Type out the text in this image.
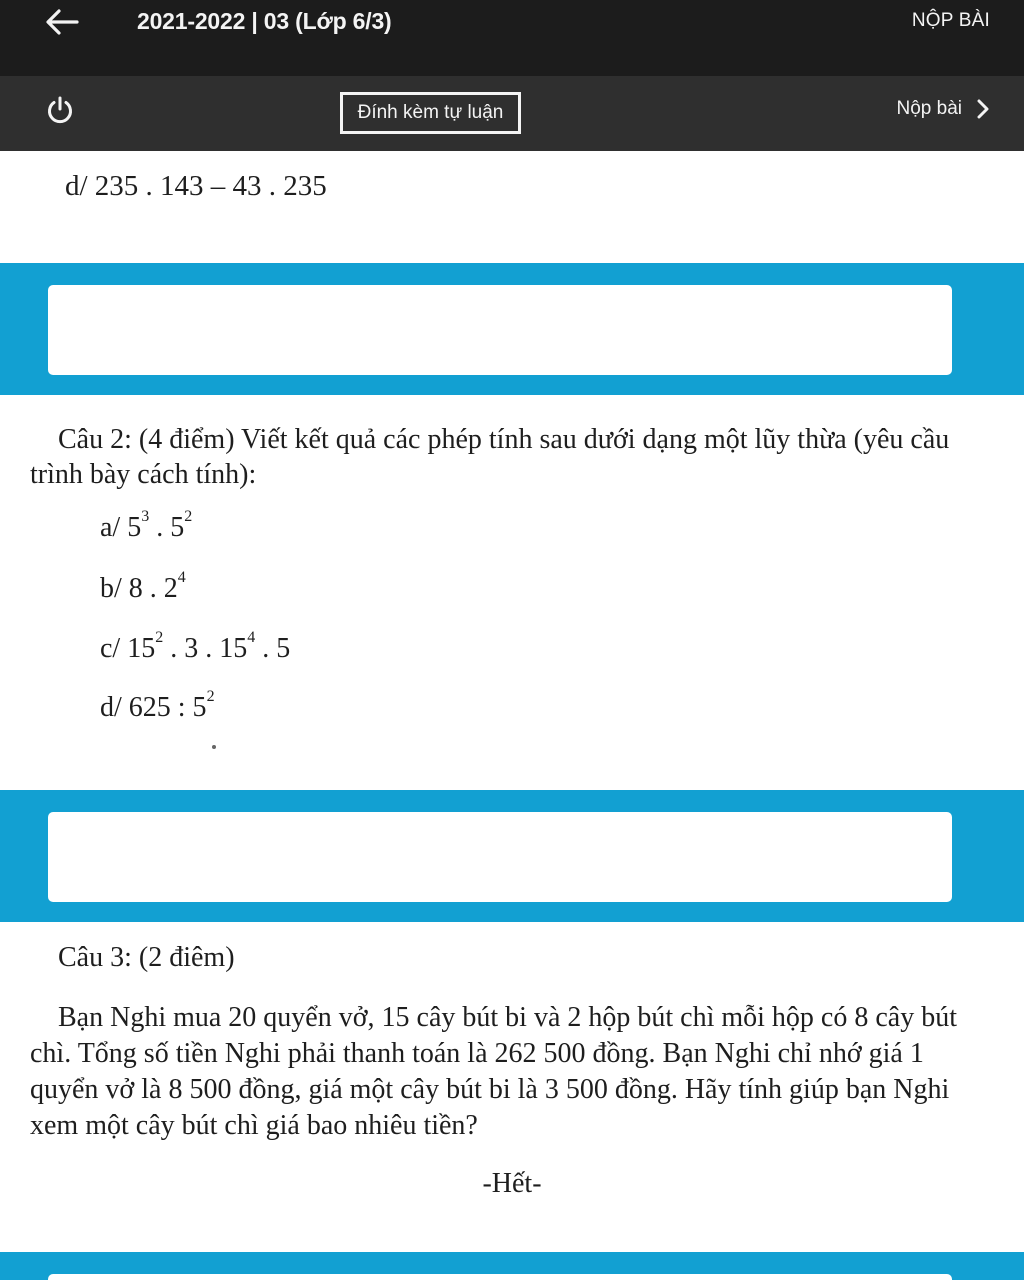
2021-2022 | 03 (Lớp 6/3)	NỘP BÀI
Đính kèm tự luận	Nộp bài
d/ 235 . 143 – 43 . 235
Câu 2: (4 điểm) Viết kết quả các phép tính sau dưới dạng một lũy thừa (yêu cầu trình bày cách tính):
a/ $5^3$ . $5^2$
b/ 8 . $2^4$
c/ $15^2$ . 3 . $15^4$ . 5
d/ 625 : $5^2$
Câu 3: (2 điêm)
Bạn Nghi mua 20 quyển vở, 15 cây bút bi và 2 hộp bút chì mỗi hộp có 8 cây bút chì. Tổng số tiền Nghi phải thanh toán là 262 500 đồng. Bạn Nghi chỉ nhớ giá 1 quyển vở là 8 500 đồng, giá một cây bút bi là 3 500 đồng. Hãy tính giúp bạn Nghi xem một cây bút chì giá bao nhiêu tiền?
-Hết-
